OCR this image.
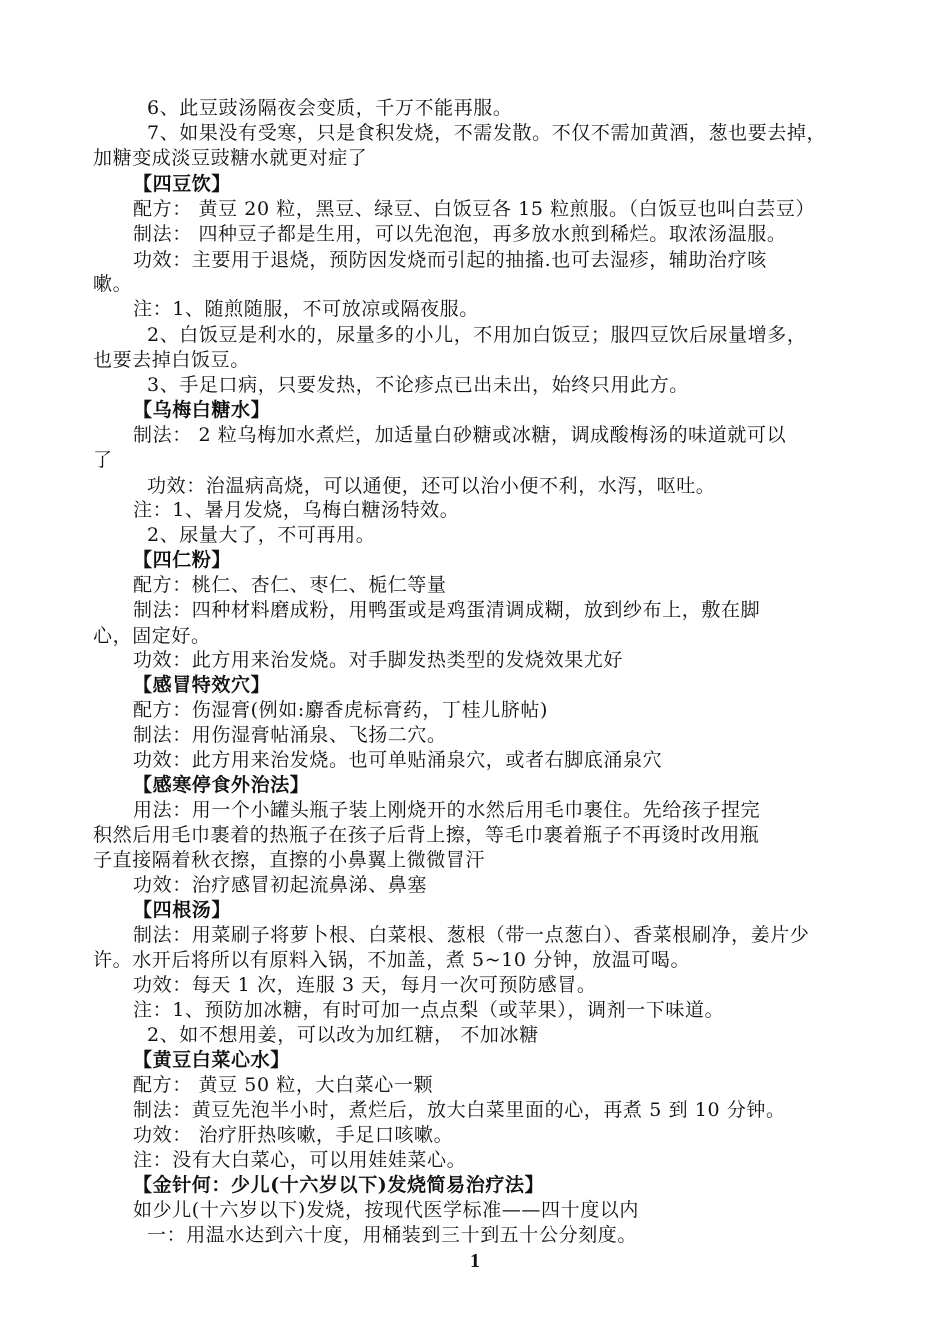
6、此豆豉汤隔夜会变质，千万不能再服。
7、如果没有受寒，只是食积发烧，不需发散。不仅不需加黄酒，葱也要去掉，
加糖变成淡豆豉糖水就更对症了
【四豆饮】
配方： 黄豆 20 粒，黑豆、绿豆、白饭豆各 15 粒煎服。（白饭豆也叫白芸豆）
制法： 四种豆子都是生用，可以先泡泡，再多放水煎到稀烂。取浓汤温服。
功效：主要用于退烧，预防因发烧而引起的抽搐.也可去湿疹，辅助治疗咳
嗽。
注：1、随煎随服，不可放凉或隔夜服。
2、白饭豆是利水的，尿量多的小儿，不用加白饭豆；服四豆饮后尿量增多，
也要去掉白饭豆。
3、手足口病，只要发热，不论疹点已出未出，始终只用此方。
【乌梅白糖水】
制法： 2 粒乌梅加水煮烂，加适量白砂糖或冰糖，调成酸梅汤的味道就可以
了
功效：治温病高烧，可以通便，还可以治小便不利，水泻，呕吐。
注：1、暑月发烧，乌梅白糖汤特效。
2、尿量大了，不可再用。
【四仁粉】
配方：桃仁、杏仁、枣仁、栀仁等量
制法：四种材料磨成粉，用鸭蛋或是鸡蛋清调成糊，放到纱布上，敷在脚
心，固定好。
功效：此方用来治发烧。对手脚发热类型的发烧效果尤好
【感冒特效穴】
配方：伤湿膏(例如:麝香虎标膏药，丁桂儿脐帖)
制法：用伤湿膏帖涌泉、飞扬二穴。
功效：此方用来治发烧。也可单贴涌泉穴，或者右脚底涌泉穴
【感寒停食外治法】
用法：用一个小罐头瓶子装上刚烧开的水然后用毛巾裹住。先给孩子捏完
积然后用毛巾裹着的热瓶子在孩子后背上擦，等毛巾裹着瓶子不再烫时改用瓶
子直接隔着秋衣擦，直擦的小鼻翼上微微冒汗
功效：治疗感冒初起流鼻涕、鼻塞
【四根汤】
制法：用菜刷子将萝卜根、白菜根、葱根（带一点葱白）、香菜根刷净，姜片少
许。水开后将所以有原料入锅，不加盖，煮 5~10 分钟，放温可喝。
功效：每天 1 次，连服 3 天，每月一次可预防感冒。
注：1、预防加冰糖，有时可加一点点梨（或苹果），调剂一下味道。
2、如不想用姜，可以改为加红糖， 不加冰糖
【黄豆白菜心水】
配方： 黄豆 50 粒，大白菜心一颗
制法：黄豆先泡半小时，煮烂后，放大白菜里面的心，再煮 5 到 10 分钟。
功效： 治疗肝热咳嗽，手足口咳嗽。
注：没有大白菜心，可以用娃娃菜心。
【金针何：少儿(十六岁以下)发烧简易治疗法】
如少儿(十六岁以下)发烧，按现代医学标准——四十度以内
一：用温水达到六十度，用桶装到三十到五十公分刻度。
1
